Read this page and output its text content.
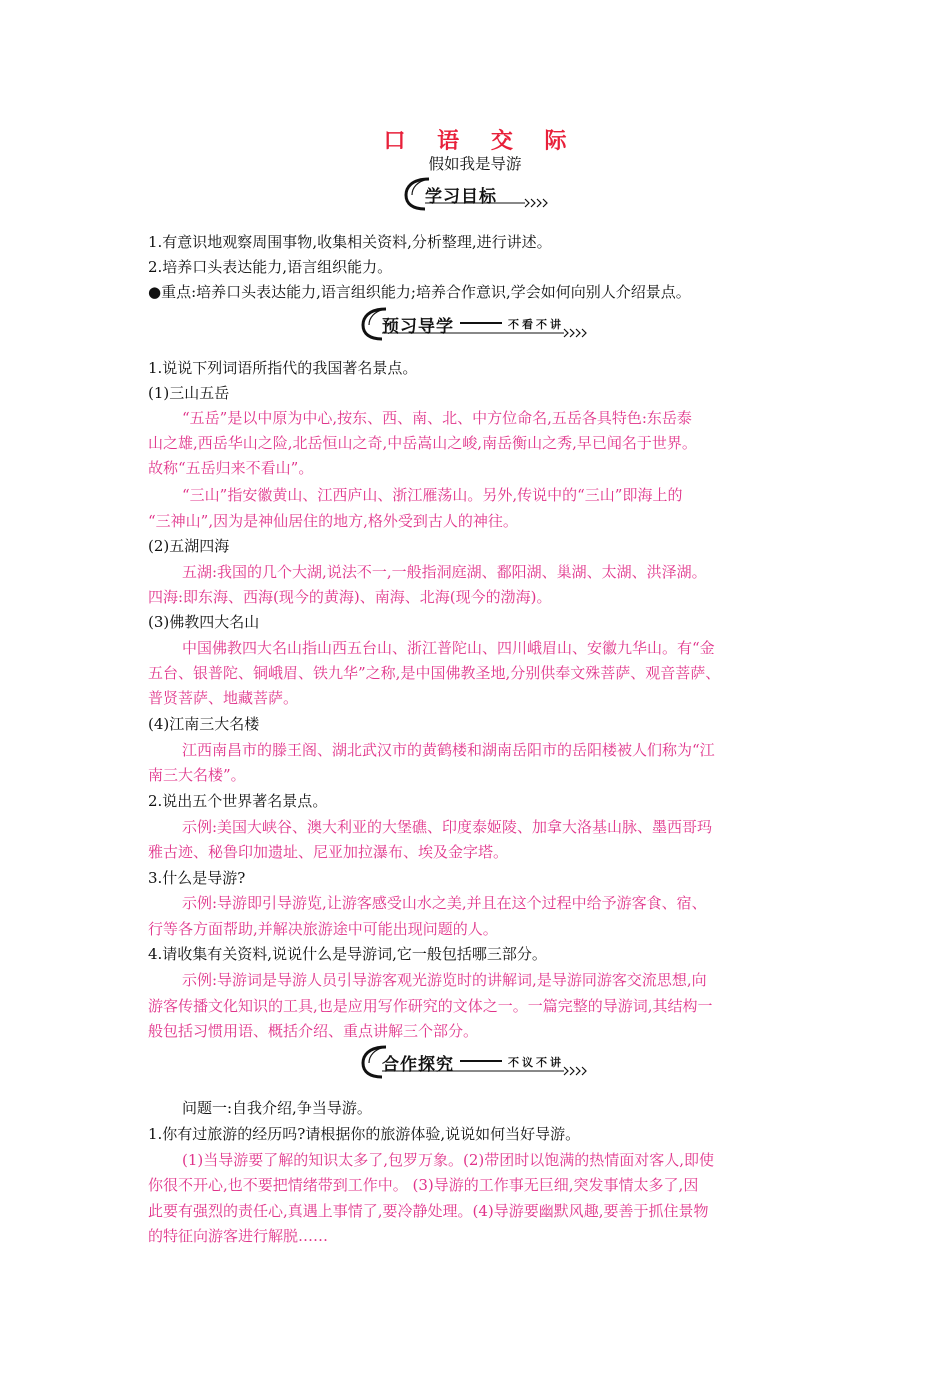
口 语 交 际
假如我是导游
学习目标
1.有意识地观察周围事物,收集相关资料,分析整理,进行讲述。
2.培养口头表达能力,语言组织能力。
●重点:培养口头表达能力,语言组织能力;培养合作意识,学会如何向别人介绍景点。
预习导学	不看不讲
1.说说下列词语所指代的我国著名景点。
(1)三山五岳
“五岳”是以中原为中心,按东、西、南、北、中方位命名,五岳各具特色:东岳泰
山之雄,西岳华山之险,北岳恒山之奇,中岳嵩山之峻,南岳衡山之秀,早已闻名于世界。
故称“五岳归来不看山”。
“三山”指安徽黄山、江西庐山、浙江雁荡山。另外,传说中的“三山”即海上的
“三神山”,因为是神仙居住的地方,格外受到古人的神往。
(2)五湖四海
五湖:我国的几个大湖,说法不一,一般指洞庭湖、鄱阳湖、巢湖、太湖、洪泽湖。
四海:即东海、西海(现今的黄海)、南海、北海(现今的渤海)。
(3)佛教四大名山
中国佛教四大名山指山西五台山、浙江普陀山、四川峨眉山、安徽九华山。有“金
五台、银普陀、铜峨眉、铁九华”之称,是中国佛教圣地,分别供奉文殊菩萨、观音菩萨、
普贤菩萨、地藏菩萨。
(4)江南三大名楼
江西南昌市的滕王阁、湖北武汉市的黄鹤楼和湖南岳阳市的岳阳楼被人们称为“江
南三大名楼”。
2.说出五个世界著名景点。
示例:美国大峡谷、澳大利亚的大堡礁、印度泰姬陵、加拿大洛基山脉、墨西哥玛
雅古迹、秘鲁印加遗址、尼亚加拉瀑布、埃及金字塔。
3.什么是导游?
示例:导游即引导游览,让游客感受山水之美,并且在这个过程中给予游客食、宿、
行等各方面帮助,并解决旅游途中可能出现问题的人。
4.请收集有关资料,说说什么是导游词,它一般包括哪三部分。
示例:导游词是导游人员引导游客观光游览时的讲解词,是导游同游客交流思想,向
游客传播文化知识的工具,也是应用写作研究的文体之一。一篇完整的导游词,其结构一
般包括习惯用语、概括介绍、重点讲解三个部分。
合作探究	不议不讲
问题一:自我介绍,争当导游。
1.你有过旅游的经历吗?请根据你的旅游体验,说说如何当好导游。
(1)当导游要了解的知识太多了,包罗万象。(2)带团时以饱满的热情面对客人,即使
你很不开心,也不要把情绪带到工作中。 (3)导游的工作事无巨细,突发事情太多了,因
此要有强烈的责任心,真遇上事情了,要冷静处理。(4)导游要幽默风趣,要善于抓住景物
的特征向游客进行解脱……
